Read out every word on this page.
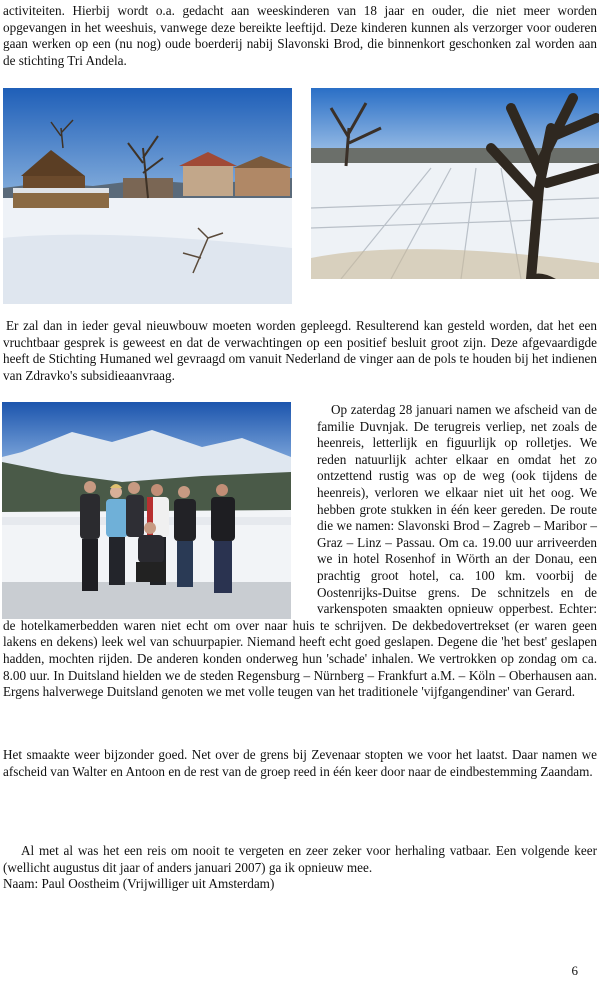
activiteiten. Hierbij wordt o.a. gedacht aan weeskinderen van 18 jaar en ouder, die niet meer worden opgevangen in het weeshuis, vanwege deze bereikte leeftijd. Deze kinderen kunnen als verzorger voor ouderen gaan werken op een (nu nog) oude boerderij nabij Slavonski Brod, die binnenkort geschonken zal worden aan de stichting Tri Andela.

Er zal dan in ieder geval nieuwbouw moeten worden gepleegd. Resulterend kan gesteld worden, dat het een vruchtbaar gesprek is geweest en dat de verwachtingen op een positief besluit groot zijn. Deze afgevaardigde heeft de Stichting Humaned wel gevraagd om vanuit Nederland de vinger aan de pols te houden bij het indienen van Zdravko's subsidieaanvraag.

Op zaterdag 28 januari namen we afscheid van de familie Duvnjak. De terugreis verliep, net zoals de heenreis, letterlijk en figuurlijk op rolletjes. We reden natuurlijk achter elkaar en omdat het zo ontzettend rustig was op de weg (ook tijdens de heenreis), verloren we elkaar niet uit het oog. We hebben grote stukken in één keer gereden. De route die we namen: Slavonski Brod – Zagreb – Maribor – Graz – Linz – Passau. Om ca. 19.00 uur arriveerden we in hotel Rosenhof in Wörth an der Donau, een prachtig groot hotel, ca. 100 km. voorbij de Oostenrijks-Duitse grens. De schnitzels en de varkenspoten smaakten opnieuw opperbest. Echter: de hotelkamerbedden waren niet echt om over naar huis te schrijven. De dekbedovertrekset (er waren geen lakens en dekens) leek wel van schuurpapier. Niemand heeft echt goed geslapen. Degene die 'het best' geslapen hadden, mochten rijden. De anderen konden onderweg hun 'schade' inhalen. We vertrokken op zondag om ca. 8.00 uur. In Duitsland hielden we de steden Regensburg – Nürnberg – Frankfurt a.M. – Köln – Oberhausen aan. Ergens halverwege Duitsland genoten we met volle teugen van het traditionele 'vijfgangendiner' van Gerard.

Het smaakte weer bijzonder goed. Net over de grens bij Zevenaar stopten we voor het laatst. Daar namen we afscheid van Walter en Antoon en de rest van de groep reed in één keer door naar de eindbestemming Zaandam.

Al met al was het een reis om nooit te vergeten en zeer zeker voor herhaling vatbaar. Een volgende keer (wellicht augustus dit jaar of anders januari 2007) ga ik opnieuw mee.

Naam: Paul Oostheim (Vrijwilliger uit Amsterdam)

6
